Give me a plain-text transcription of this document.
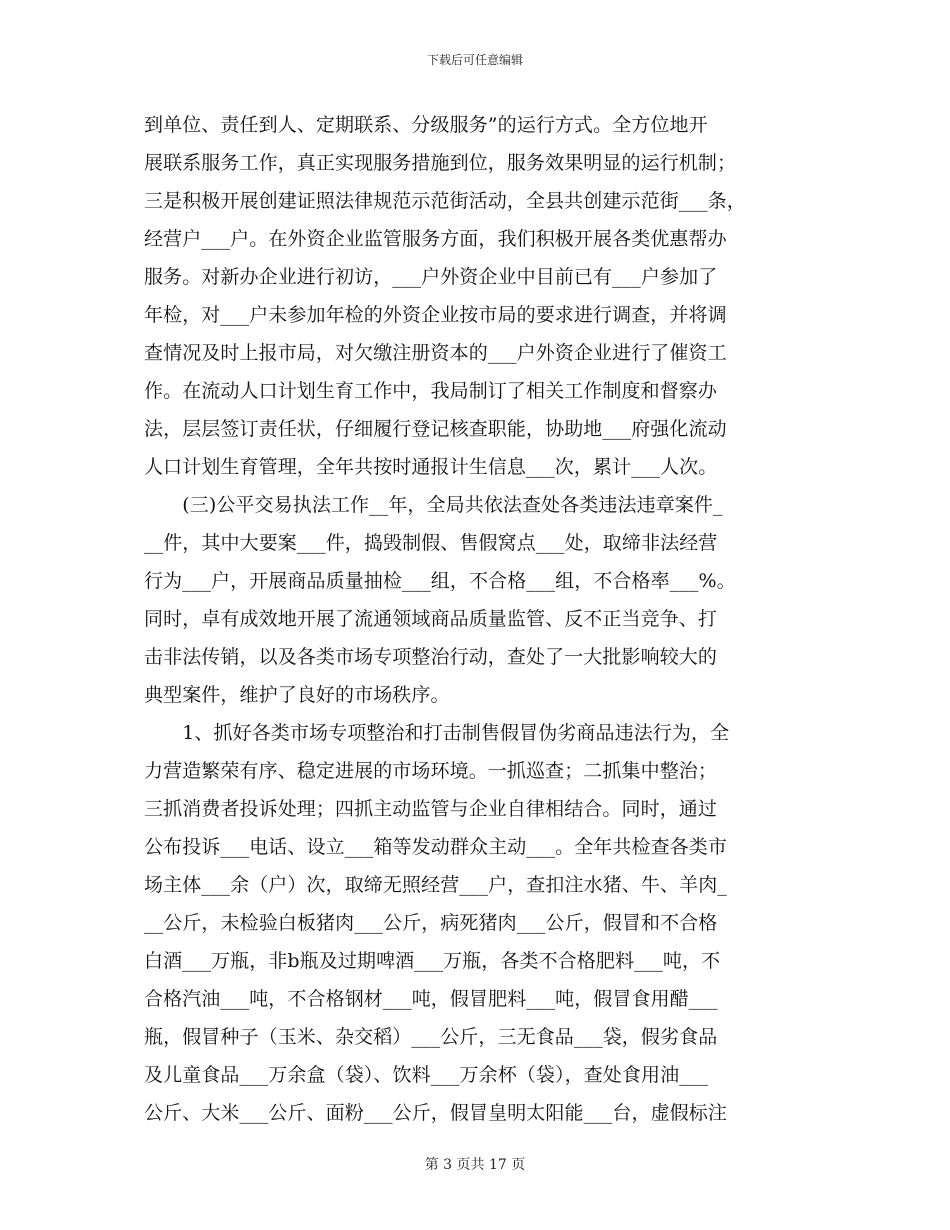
下载后可任意编辑
到单位、责任到人、定期联系、分级服务”的运行方式。全方位地开
展联系服务工作，真正实现服务措施到位，服务效果明显的运行机制；
三是积极开展创建证照法律规范示范街活动，全县共创建示范街___条，
经营户___户。在外资企业监管服务方面，我们积极开展各类优惠帮办
服务。对新办企业进行初访，___户外资企业中目前已有___户参加了
年检，对___户未参加年检的外资企业按市局的要求进行调查，并将调
查情况及时上报市局，对欠缴注册资本的___户外资企业进行了催资工
作。在流动人口计划生育工作中，我局制订了相关工作制度和督察办
法，层层签订责任状，仔细履行登记核查职能，协助地___府强化流动
人口计划生育管理，全年共按时通报计生信息___次，累计___人次。
　　(三)公平交易执法工作__年，全局共依法查处各类违法违章案件_
__件，其中大要案___件，捣毁制假、售假窝点___处，取缔非法经营
行为___户，开展商品质量抽检___组，不合格___组，不合格率___%。
同时，卓有成效地开展了流通领域商品质量监管、反不正当竞争、打
击非法传销，以及各类市场专项整治行动，查处了一大批影响较大的
典型案件，维护了良好的市场秩序。
　　1、抓好各类市场专项整治和打击制售假冒伪劣商品违法行为，全
力营造繁荣有序、稳定进展的市场环境。一抓巡查；二抓集中整治；
三抓消费者投诉处理；四抓主动监管与企业自律相结合。同时，通过
公布投诉___电话、设立___箱等发动群众主动___。全年共检查各类市
场主体___余（户）次，取缔无照经营___户，查扣注水猪、牛、羊肉_
__公斤，未检验白板猪肉___公斤，病死猪肉___公斤，假冒和不合格
白酒___万瓶，非b瓶及过期啤酒___万瓶，各类不合格肥料___吨，不
合格汽油___吨，不合格钢材___吨，假冒肥料___吨，假冒食用醋___
瓶，假冒种子（玉米、杂交稻）___公斤，三无食品___袋，假劣食品
及儿童食品___万余盒（袋）、饮料___万余杯（袋），查处食用油___
公斤、大米___公斤、面粉___公斤，假冒皇明太阳能___台，虚假标注
第 3 页共 17 页
